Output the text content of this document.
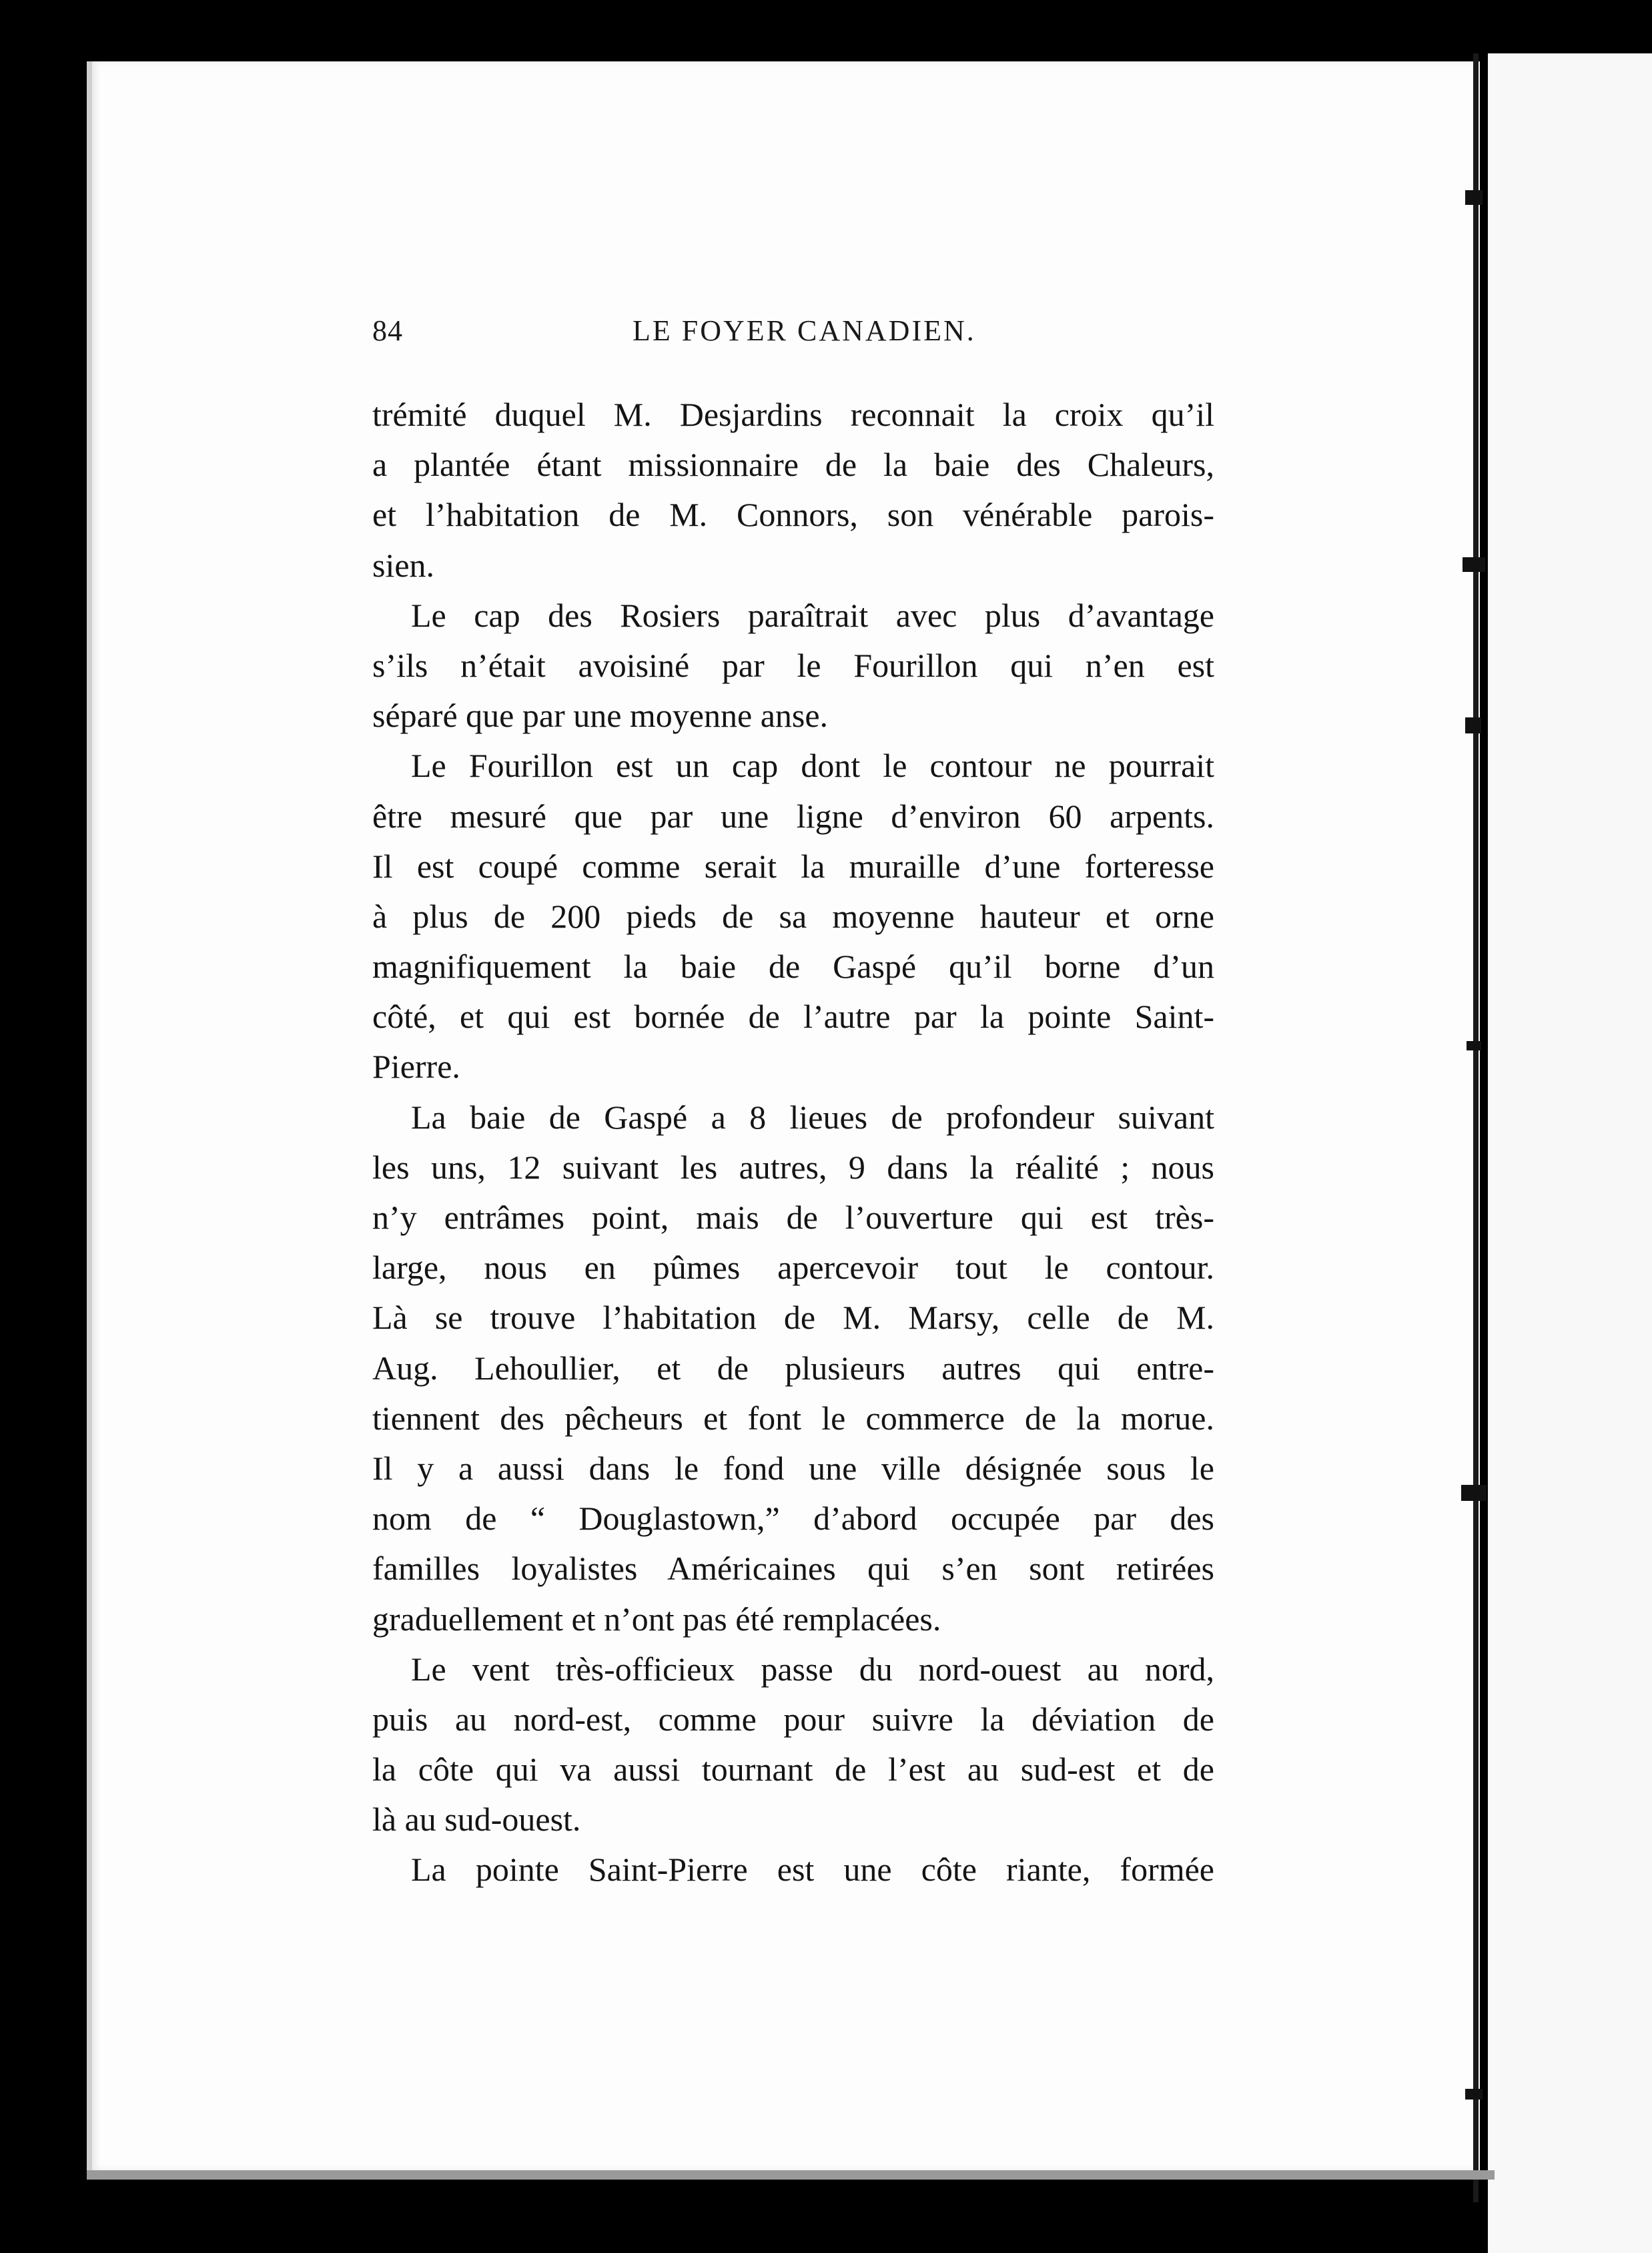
84	LE FOYER CANADIEN.
trémité duquel M. Desjardins reconnait la croix qu’il
a plantée étant missionnaire de la baie des Chaleurs,
et l’habitation de M. Connors, son vénérable parois-
sien.
Le cap des Rosiers paraîtrait avec plus d’avantage
s’ils n’était avoisiné par le Fourillon qui n’en est
séparé que par une moyenne anse.
Le Fourillon est un cap dont le contour ne pourrait
être mesuré que par une ligne d’environ 60 arpents.
Il est coupé comme serait la muraille d’une forteresse
à plus de 200 pieds de sa moyenne hauteur et orne
magnifiquement la baie de Gaspé qu’il borne d’un
côté, et qui est bornée de l’autre par la pointe Saint-
Pierre.
La baie de Gaspé a 8 lieues de profondeur suivant
les uns, 12 suivant les autres, 9 dans la réalité ; nous
n’y entrâmes point, mais de l’ouverture qui est très-
large, nous en pûmes apercevoir tout le contour.
Là se trouve l’habitation de M. Marsy, celle de M.
Aug. Lehoullier, et de plusieurs autres qui entre-
tiennent des pêcheurs et font le commerce de la morue.
Il y a aussi dans le fond une ville désignée sous le
nom de “ Douglastown,” d’abord occupée par des
familles loyalistes Américaines qui s’en sont retirées
graduellement et n’ont pas été remplacées.
Le vent très-officieux passe du nord-ouest au nord,
puis au nord-est, comme pour suivre la déviation de
la côte qui va aussi tournant de l’est au sud-est et de
là au sud-ouest.
La pointe Saint-Pierre est une côte riante, formée
